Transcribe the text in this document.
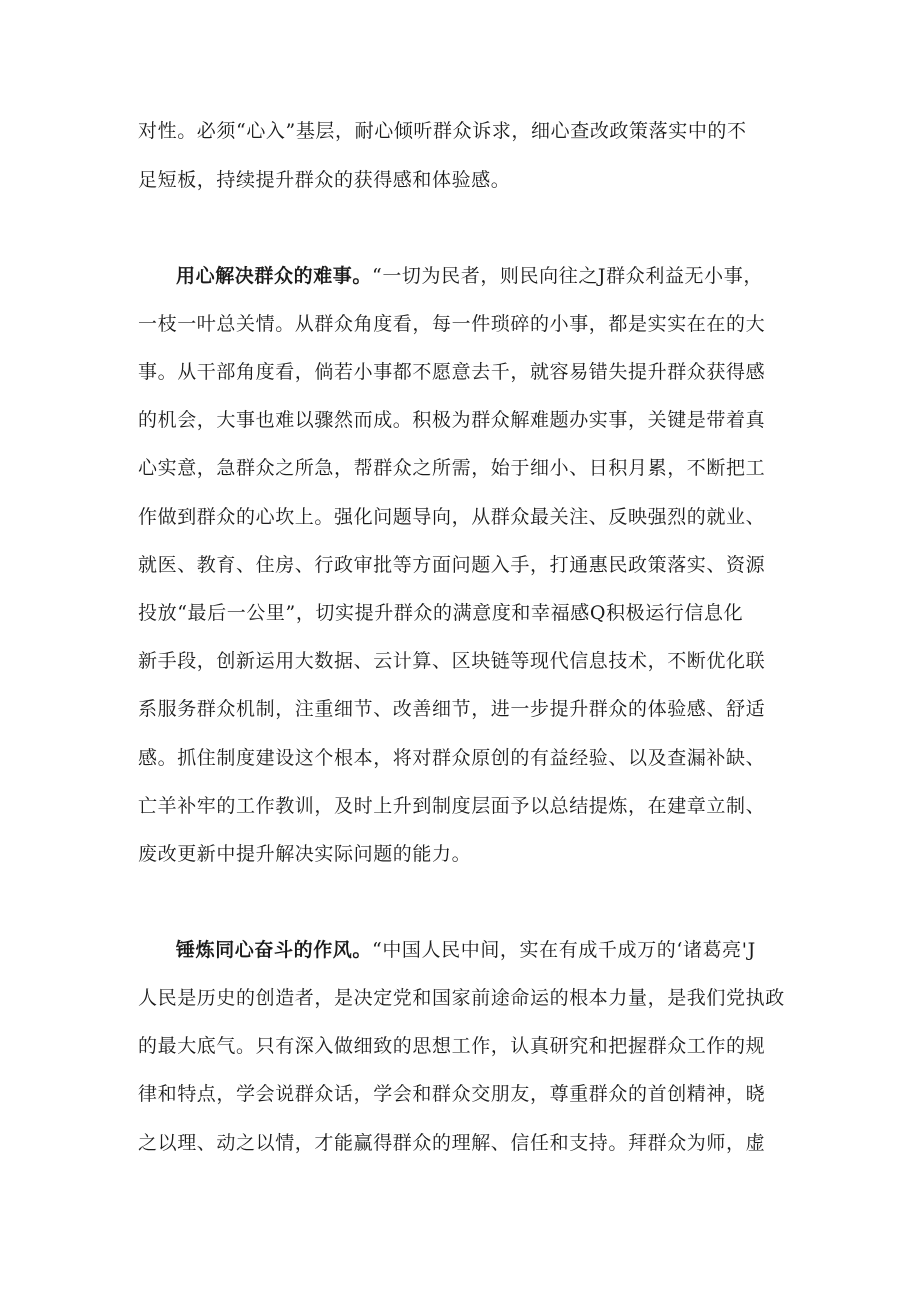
对性。必须“心入”基层，耐心倾听群众诉求，细心查改政策落实中的不
足短板，持续提升群众的获得感和体验感。
用心解决群众的难事。“一切为民者，则民向往之J群众利益无小事，
一枝一叶总关情。从群众角度看，每一件琐碎的小事，都是实实在在的大
事。从干部角度看，倘若小事都不愿意去千，就容易错失提升群众获得感
的机会，大事也难以骤然而成。积极为群众解难题办实事，关键是带着真
心实意，急群众之所急，帮群众之所需，始于细小、日积月累，不断把工
作做到群众的心坎上。强化问题导向，从群众最关注、反映强烈的就业、
就医、教育、住房、行政审批等方面问题入手，打通惠民政策落实、资源
投放“最后一公里”，切实提升群众的满意度和幸福感Q积极运行信息化
新手段，创新运用大数据、云计算、区块链等现代信息技术，不断优化联
系服务群众机制，注重细节、改善细节，进一步提升群众的体验感、舒适
感。抓住制度建设这个根本，将对群众原创的有益经验、以及查漏补缺、
亡羊补牢的工作教训，及时上升到制度层面予以总结提炼，在建章立制、
废改更新中提升解决实际问题的能力。
锤炼同心奋斗的作风。“中国人民中间，实在有成千成万的‘诸葛亮'J
人民是历史的创造者，是决定党和国家前途命运的根本力量，是我们党执政
的最大底气。只有深入做细致的思想工作，认真研究和把握群众工作的规
律和特点，学会说群众话，学会和群众交朋友，尊重群众的首创精神，晓
之以理、动之以情，才能赢得群众的理解、信任和支持。拜群众为师，虚
